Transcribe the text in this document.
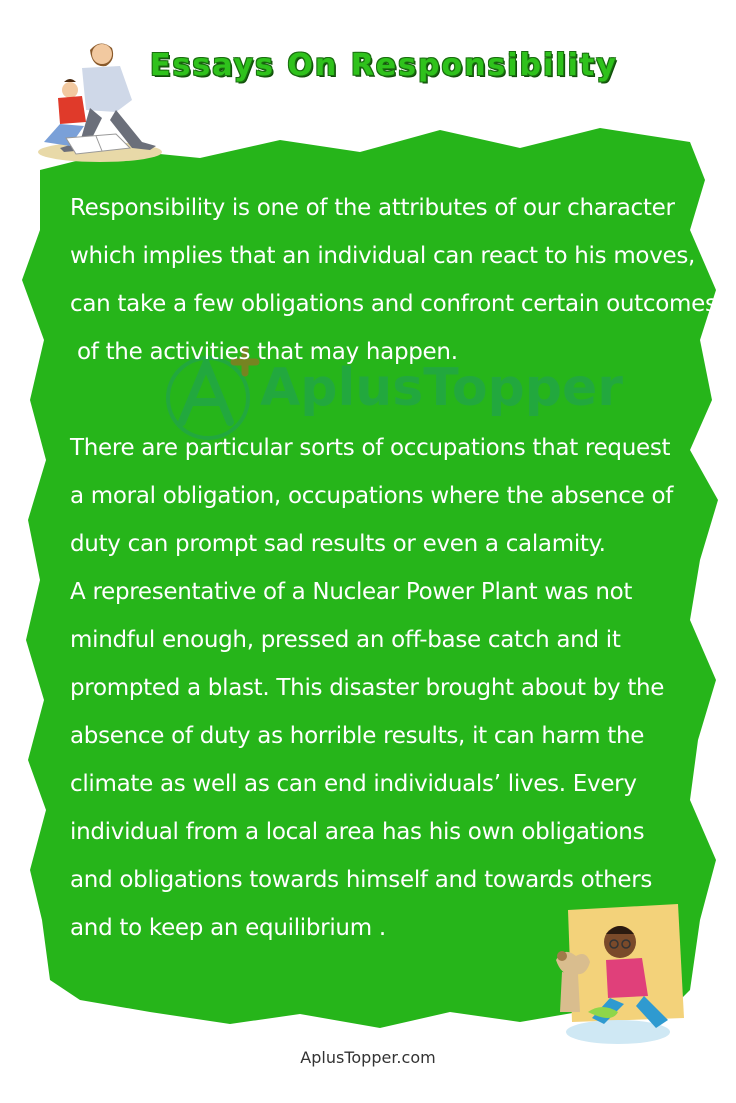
Essays On Responsibility
AplusTopper
Responsibility is one of the attributes of our character
which implies that an individual can react to his moves,
can take a few obligations and confront certain outcomes
of the activities that may happen.
There are particular sorts of occupations that request
a moral obligation, occupations where the absence of
duty can prompt sad results or even a calamity.
A representative of a Nuclear Power Plant was not
mindful enough, pressed an off-base catch and it
prompted a blast. This disaster brought about by the
absence of duty as horrible results, it can harm the
climate as well as can end individuals’ lives. Every
individual from a local area has his own obligations
and obligations towards himself and towards others
and to keep an equilibrium .
AplusTopper.com
